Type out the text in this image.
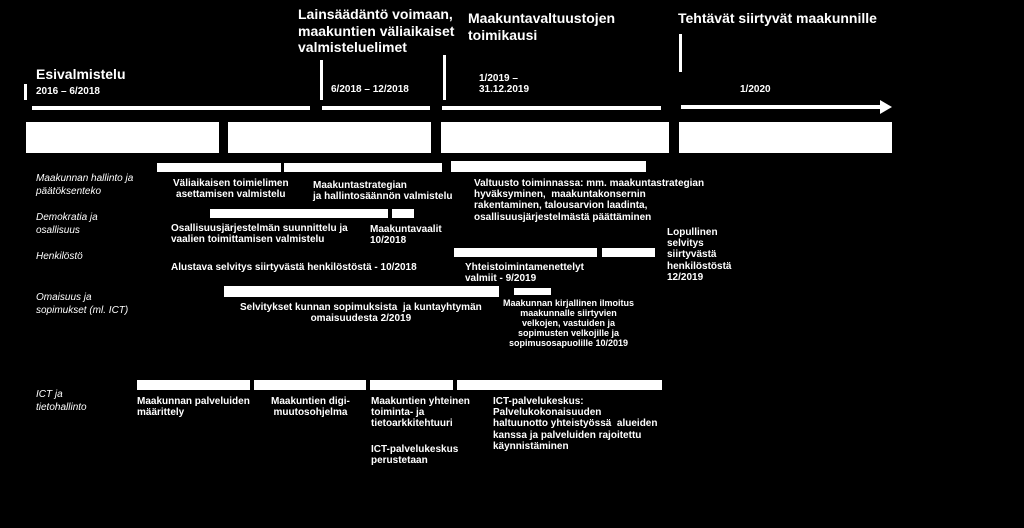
Esivalmistelu
2016 – 6/2018
Lainsäädäntö voimaan,
maakuntien väliaikaiset
valmisteluelimet
6/2018 – 12/2018
Maakuntavaltuustojen
toimikausi
1/2019 –
31.12.2019
Tehtävät siirtyvät maakunnille
1/2020
Maakunnan hallinto ja
päätöksenteko
Demokratia ja
osallisuus
Henkilöstö
Omaisuus ja
sopimukset (ml. ICT)
ICT ja
tietohallinto
Väliaikaisen toimielimen
asettamisen valmistelu
Maakuntastrategian
ja hallintosäännön valmistelu
Valtuusto toiminnassa: mm. maakuntastrategian
hyväksyminen,  maakuntakonsernin
rakentaminen, talousarvion laadinta,
osallisuusjärjestelmästä päättäminen
Osallisuusjärjestelmän suunnittelu ja
vaalien toimittamisen valmistelu
Maakuntavaalit
10/2018
Lopullinen
selvitys
siirtyvästä
henkilöstöstä
12/2019
Alustava selvitys siirtyvästä henkilöstöstä - 10/2018	Yhteistoimintamenettelyt
valmiit - 9/2019
Selvitykset kunnan sopimuksista  ja kuntayhtymän
omaisuudesta 2/2019
Maakunnan kirjallinen ilmoitus
maakunnalle siirtyvien
velkojen, vastuiden ja
sopimusten velkojille ja
sopimusosapuolille 10/2019
Maakunnan palveluiden
määrittely
Maakuntien digi-
muutosohjelma
Maakuntien yhteinen
toiminta- ja
tietoarkkitehtuuri
ICT-palvelukeskus
perustetaan
ICT-palvelukeskus:
Palvelukokonaisuuden
haltuunotto yhteistyössä  alueiden
kanssa ja palveluiden rajoitettu
käynnistäminen
